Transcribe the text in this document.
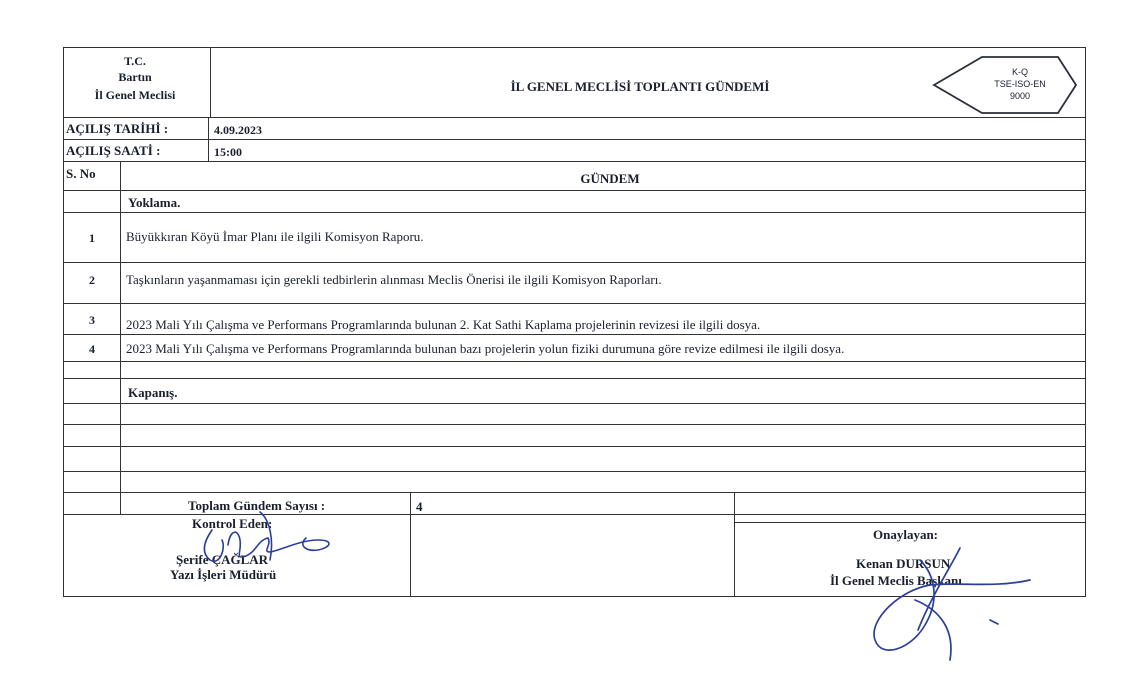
T.C.
Bartın
İl Genel Meclisi
İL GENEL MECLİSİ TOPLANTI GÜNDEMİ
K-Q
TSE-ISO-EN
9000
AÇILIŞ TARİHİ :	4.09.2023
AÇILIŞ SAATİ :	15:00
S. No	GÜNDEM
Yoklama.
1	Büyükkıran Köyü İmar Planı ile ilgili Komisyon Raporu.
2	Taşkınların yaşanmaması için gerekli tedbirlerin alınması Meclis Önerisi ile ilgili Komisyon Raporları.
3	2023 Mali Yılı Çalışma ve Performans Programlarında bulunan 2. Kat Sathi Kaplama projelerinin revizesi ile ilgili dosya.
4	2023 Mali Yılı Çalışma ve Performans Programlarında bulunan bazı projelerin yolun fiziki durumuna göre revize edilmesi ile ilgili dosya.
Kapanış.
Toplam Gündem Sayısı :	4
Kontrol Eden:
Şerife ÇAĞLAR
Yazı İşleri Müdürü
Onaylayan:
Kenan DURSUN
İl Genel Meclis Başkanı
